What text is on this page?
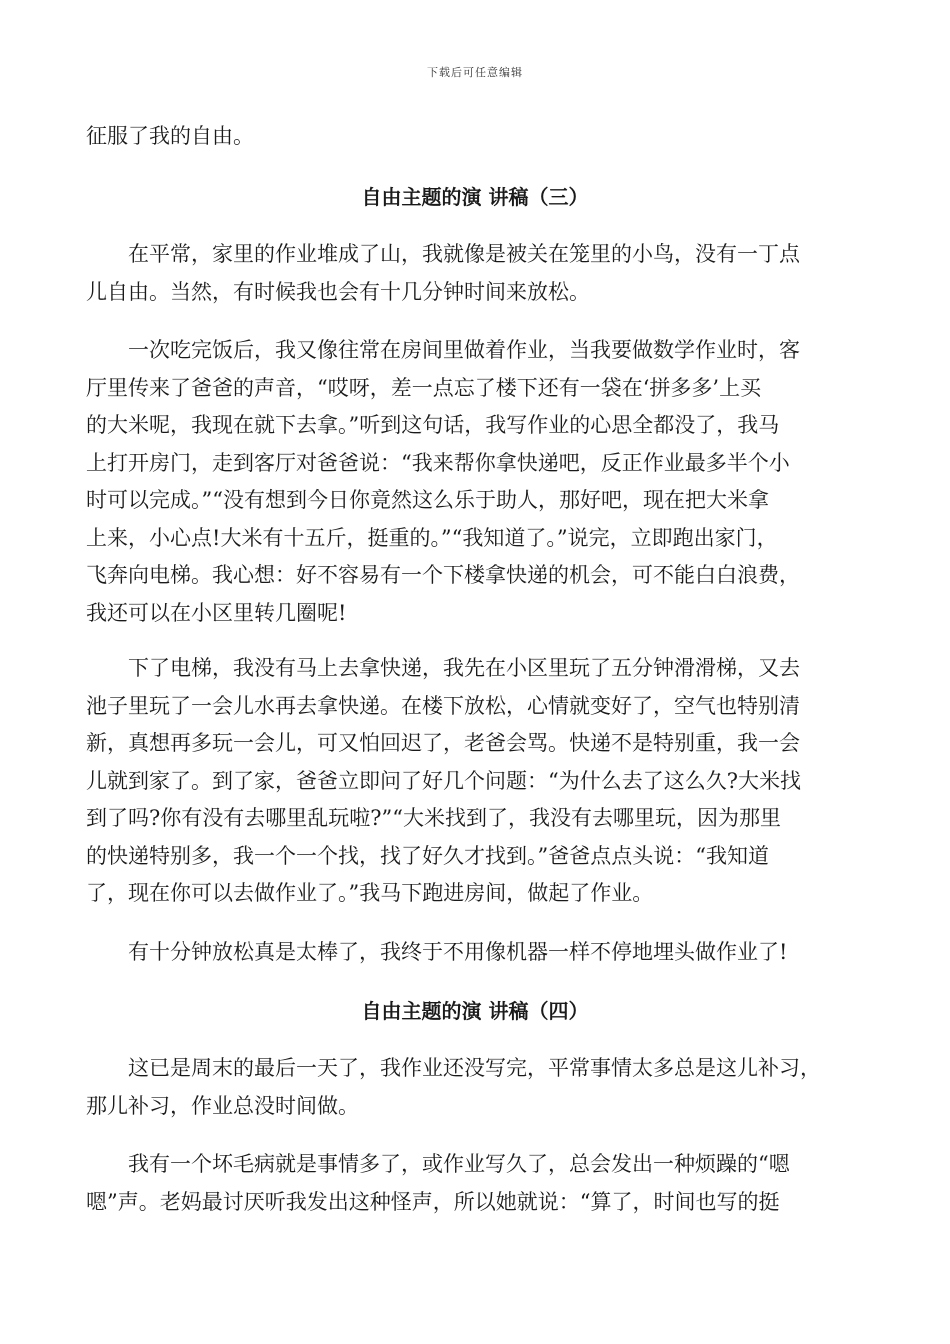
下载后可任意编辑
征服了我的自由。
自由主题的演 讲稿（三）
　　在平常，家里的作业堆成了山，我就像是被关在笼里的小鸟，没有一丁点
儿自由。当然，有时候我也会有十几分钟时间来放松。
　　一次吃完饭后，我又像往常在房间里做着作业，当我要做数学作业时，客
厅里传来了爸爸的声音，“哎呀，差一点忘了楼下还有一袋在‘拼多多’上买
的大米呢，我现在就下去拿。”听到这句话，我写作业的心思全都没了，我马
上打开房门，走到客厅对爸爸说：“我来帮你拿快递吧，反正作业最多半个小
时可以完成。”“没有想到今日你竟然这么乐于助人，那好吧，现在把大米拿
上来，小心点!大米有十五斤，挺重的。”“我知道了。”说完，立即跑出家门，
飞奔向电梯。我心想：好不容易有一个下楼拿快递的机会，可不能白白浪费，
我还可以在小区里转几圈呢!
　　下了电梯，我没有马上去拿快递，我先在小区里玩了五分钟滑滑梯，又去
池子里玩了一会儿水再去拿快递。在楼下放松，心情就变好了，空气也特别清
新，真想再多玩一会儿，可又怕回迟了，老爸会骂。快递不是特别重，我一会
儿就到家了。到了家，爸爸立即问了好几个问题：“为什么去了这么久?大米找
到了吗?你有没有去哪里乱玩啦?”“大米找到了，我没有去哪里玩，因为那里
的快递特别多，我一个一个找，找了好久才找到。”爸爸点点头说：“我知道
了，现在你可以去做作业了。”我马下跑进房间，做起了作业。
　　有十分钟放松真是太棒了，我终于不用像机器一样不停地埋头做作业了!
自由主题的演 讲稿（四）
　　这已是周末的最后一天了，我作业还没写完，平常事情太多总是这儿补习，
那儿补习，作业总没时间做。
　　我有一个坏毛病就是事情多了，或作业写久了，总会发出一种烦躁的“嗯
嗯”声。老妈最讨厌听我发出这种怪声，所以她就说：“算了，时间也写的挺
